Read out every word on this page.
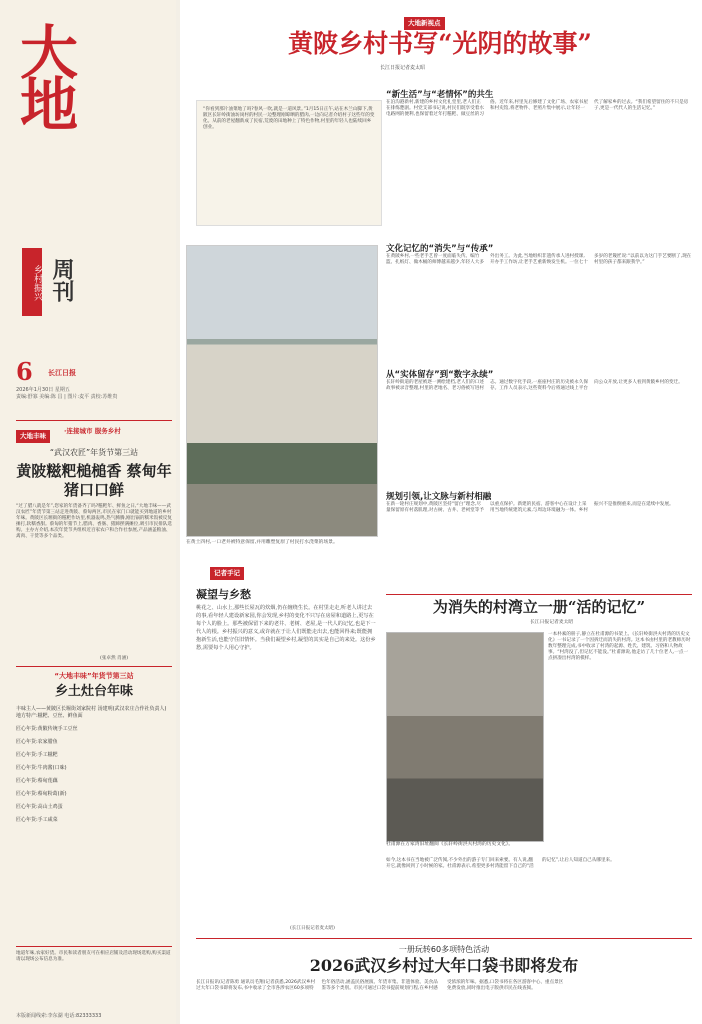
大地
乡村振兴 周刊
6 长江日报
2026年1月30日 星期五
责编:舒寡 美编:陈 昌 | 图片:麦平 责校:苏维贵
大地丰味
·连接城市 服务乡村
“武汉农匠”年货节第三站
黄陂糍粑槌槌香 蔡甸年猪口口鲜
“过了腊八就是年”,您家的年货备齐了吗?糍粑年、鲜鱼之日,“大地丰味——武汉农匠”年货节第三站走进黄陂、蔡甸两区,市民在家门口就能买到地道的乡村年味。黄陂区长堰街的糍粑作坊里,机器轰鸣,热气腾腾,刚出锅的糯米饭被反复捶打,软糯香甜。蔡甸的年猪节上,腊肉、香肠、猪蹄摆满摊位,吸引市民排队选购。主办方介绍,本次年货节共组织近百家农户和合作社参展,产品涵盖粮油、禽肉、干货等多个品类。
(张卓然 肖涵)
“大地丰味”年货节第三站
乡土灶台年味
丰味主人——黄陂区长堰街刘家院村 汤建明(武汉农庄合作社负责人)
地方特产:糍粑、豆丝、鲜鱼面
匠心年货:黄陂传统手工豆丝
匠心年货:农家腊鱼
匠心年货:手工糍粑
匠心年货:牛肉酱(口味)
匠心年货:蔡甸莲藕
匠心年货:蔡甸粉葛(新)
匠心年货:高山土鸡蛋
匠心年货:手工咸菜
地道年味,农家好货。市民和读者朋友可在相应店铺及活动现场选购,购买渠道请以现场公布信息为准。
本版新闻线索:李东湖 电话:82333333
大地新视点
黄陂乡村书写“光阴的故事”
长江日报记者麦太昭
“你看到那片油菜地了吗?春风一吹,就是一道风景。”1月15日正午,站在木兰山脚下,黄陂区长轩岭街油坊岗村的村民一边整理刚晾晒的腊肉,一边向记者介绍村子这些年的变化。从前的老屋翻新成了民宿,荒废的田地种上了特色作物,村里的年轻人也陆续回乡创业。
在黄土四村,一口老井被特意保留,并用雕塑复原了村民打水浇菜的场景。
“新生活”与“老情怀”的共生
在泊沟港新村,新建的乡村文化礼堂里,老人们正在排练楚剧。村党支部书记说,村民们既享受着水电路网的便利,也保留着过年打糍粑、做豆丝的习俗。近年来,村里先后修建了文化广场、农家书屋和村史馆,将老物件、老照片集中展示,让年轻一代了解家乡的过去。“我们希望留住的不只是房子,更是一代代人的生活记忆。”
文化记忆的“消失”与“传承”
在黄陂乡村,一些老手艺曾一度面临失传。编竹篮、扎纸灯、做木桶的师傅越来越少,年轻人大多外出务工。为此,当地组织非遗传承人进村授课,开办手工作坊,让老手艺重新焕发生机。一位七十多岁的老篾匠说:“以前以为这门手艺要断了,现在村里的孩子都来跟我学。”
从“实体留存”到“数字永续”
长轩岭街道的老屋被逐一测绘建档,老人们的口述故事被录音整理,村里的老地名、老习俗被写进村志。通过数字化手段,一座座村庄的历史被永久保存。工作人员表示,这些资料今后将通过线上平台向公众开放,让更多人看到黄陂乡村的变迁。
规划引领,让文脉与新村相融
在新一轮村庄规划中,黄陂区坚持“留白”理念,尽量保留原有村落肌理,对古树、古井、老祠堂等予以重点保护。新建的民宿、游客中心在设计上采用当地传统建筑元素,与周边环境融为一体。乡村振兴不是推倒重来,而是在延续中发展。
记者手记
凝望与乡愁
桃花之、山水上,那些长屋瓦的炊烟,仍在缠绕生长。在村里走走,听老人讲过去的事,看年轻人建设新家园,你会发现,乡村的变化不只写在房屋和道路上,更写在每个人的脸上。那些被保留下来的老井、老树、老屋,是一代人的记忆,也是下一代人的根。乡村振兴的意义,或许就在于让人们既能走出去,也能回得来;既能拥抱新生活,也能守住旧情怀。当我们凝望乡村,凝望的其实是自己的来处。这份乡愁,需要每个人用心守护。
(长江日报记者麦太昭)
为消失的村湾立一册“活的记忆”
长江日报记者麦太昭
杜甫源在万家湾旧址翻阅《长轩岭街洪夫村湾的历史文化》。
一本朴素的册子,静立在杜甫源的书架上。《长轩岭街洪夫村湾的历史文化》一书记录了一个因拆迁而消失的村湾。这本书由村里的老教师历时数年整理完成,书中收录了村湾的起源、姓氏、建筑、习俗和人物故事。“村湾没了,但记忆不能没。”杜甫源说,他走访了几十位老人,一点一点拼凑出村湾的模样。
如今,这本书在当地被广泛传阅,不少外出的游子专门回来索要。有人说,翻开它,就像回到了小时候的家。杜甫源表示,希望更多村湾能留下自己的“活的记忆”,让后人知道自己从哪里来。
一册玩转60多项特色活动
2026武汉乡村过大年口袋书即将发布
长江日报讯(记者陈勇 通讯员毛翔)记者获悉,2026武汉乡村过大年口袋书即将发布,书中收录了全市各涉农区60多项特色年俗活动,涵盖民俗展演、年货市集、非遗体验、美食品鉴等多个类别。市民可通过口袋书提前规划行程,在乡村感受浓浓的年味。据悉,口袋书将在各区游客中心、重点景区免费发放,同时推出电子版供市民在线查阅。
